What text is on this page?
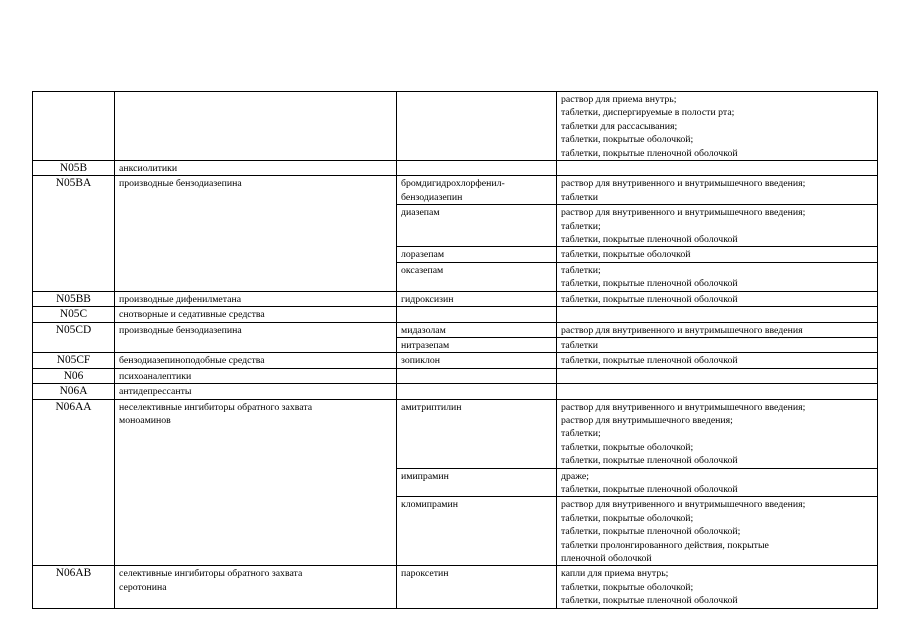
			раствор для приема внутрь;
таблетки, диспергируемые в полости рта;
таблетки для рассасывания;
таблетки, покрытые оболочкой;
таблетки, покрытые пленочной оболочкой

N05B	анксиолитики		

N05BA	производные бензодиазепина	бромдигидрохлорфенил-
бензодиазепин	раствор для внутривенного и внутримышечного введения;
таблетки

		диазепам	раствор для внутривенного и внутримышечного введения;
таблетки;
таблетки, покрытые пленочной оболочкой

		лоразепам	таблетки, покрытые оболочкой

		оксазепам	таблетки;
таблетки, покрытые пленочной оболочкой

N05BB	производные дифенилметана	гидроксизин	таблетки, покрытые пленочной оболочкой

N05C	снотворные и седативные средства		

N05CD	производные бензодиазепина	мидазолам	раствор для внутривенного и внутримышечного введения

		нитразепам	таблетки

N05CF	бензодиазепиноподобные средства	зопиклон	таблетки, покрытые пленочной оболочкой

N06	психоаналептики		

N06A	антидепрессанты		

N06AA	неселективные ингибиторы обратного захвата
моноаминов	амитриптилин	раствор для внутривенного и внутримышечного введения;
раствор для внутримышечного введения;
таблетки;
таблетки, покрытые оболочкой;
таблетки, покрытые пленочной оболочкой

		имипрамин	драже;
таблетки, покрытые пленочной оболочкой

		кломипрамин	раствор для внутривенного и внутримышечного введения;
таблетки, покрытые оболочкой;
таблетки, покрытые пленочной оболочкой;
таблетки пролонгированного действия, покрытые
пленочной оболочкой

N06AB	селективные ингибиторы обратного захвата
серотонина	пароксетин	капли для приема внутрь;
таблетки, покрытые оболочкой;
таблетки, покрытые пленочной оболочкой
